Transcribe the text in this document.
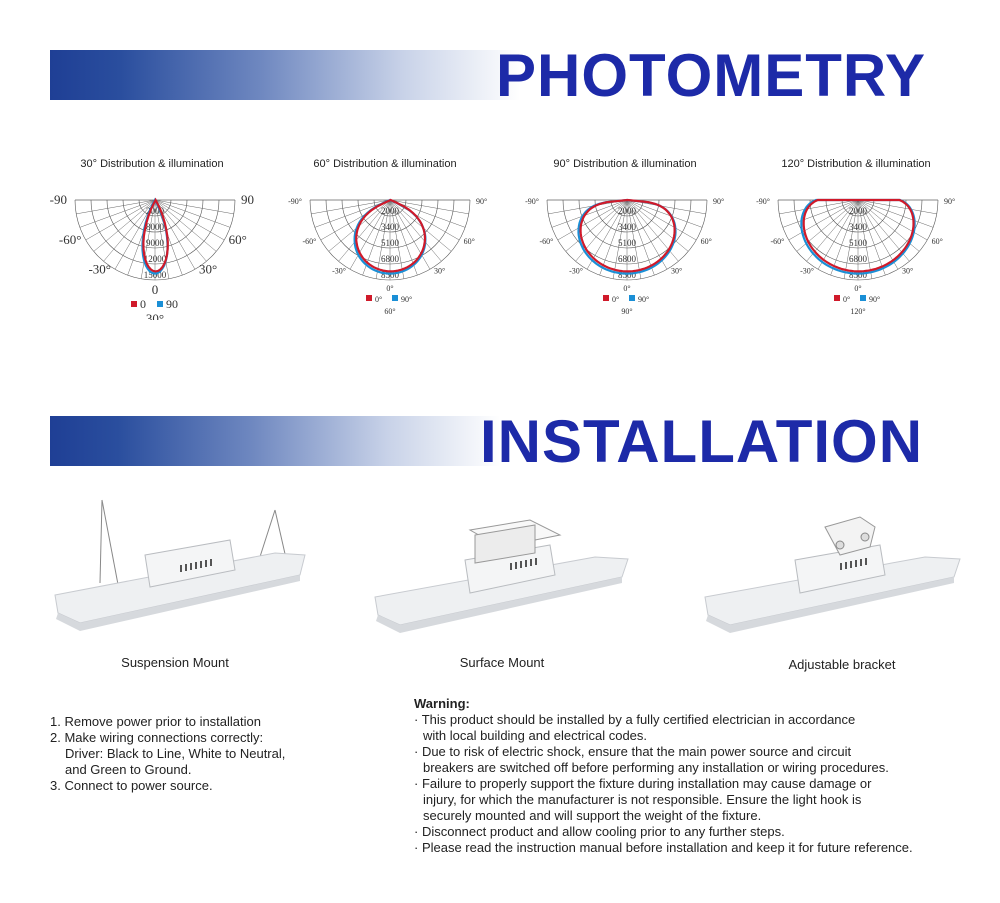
PHOTOMETRY
30° Distribution & illumination	60° Distribution & illumination	90° Distribution & illumination	120° Distribution & illumination
2000
8000
9000
12000
15000
-90	90
-60°	60°
-30°	30°
0
0 90
30°
2000
3400
5100
6800
8500
-90°	90°
-60°	60°
-30°	30°
0°
0° 90°
60°
2000
3400
5100
6800
8500
-90°	90°
-60°	60°
-30°	30°
0°
0° 90°
90°
2000
3400
5100
6800
8500
-90°	90°
-60°	60°
-30°	30°
0°
0° 90°
120°
INSTALLATION
Suspension Mount	Surface Mount	Adjustable bracket
1. Remove power prior to installation
2. Make wiring connections correctly:
Driver: Black to Line, White to Neutral,
and Green to Ground.
3. Connect to power source.

Warning:

· This product should be installed by a fully certified electrician in accordance

with local building and electrical codes.

· Due to risk of electric shock, ensure that the main power source and circuit

breakers are switched off before performing any installation or wiring procedures.

· Failure to properly support the fixture during installation may cause damage or

injury, for which the manufacturer is not responsible. Ensure the light hook is

securely mounted and will support the weight of the fixture.

· Disconnect product and allow cooling prior to any further steps.

· Please read the instruction manual before installation and keep it for future reference.
